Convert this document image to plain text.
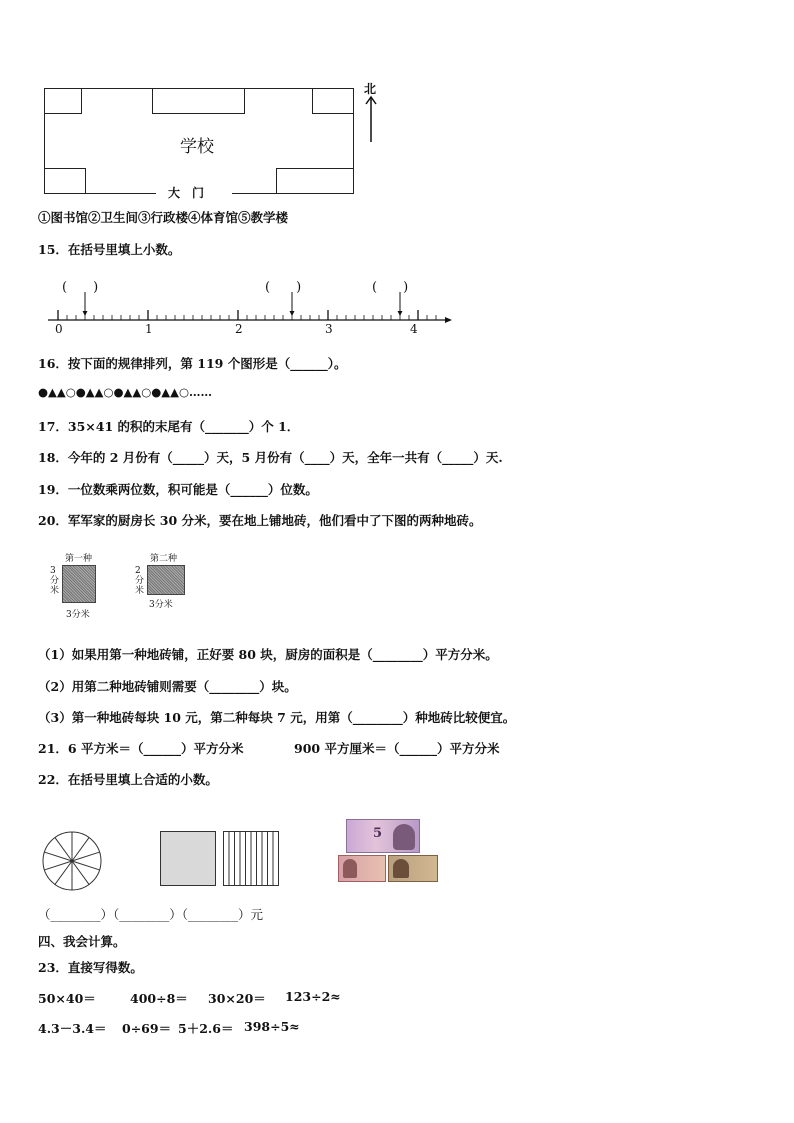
学校
大　门
北
①图书馆②卫生间③行政楼④体育馆⑤教学楼
15．在括号里填上小数。
(　　)	(　　)	(　　)
0	1	2	3	4
16．按下面的规律排列，第 119 个图形是（______）。
●▲▲○●▲▲○●▲▲○●▲▲○……
17．35×41 的积的末尾有（_______）个 1．
18．今年的 2 月份有（_____）天，5 月份有（____）天，全年一共有（_____）天.
19．一位数乘两位数，积可能是（______）位数。
20．军军家的厨房长 30 分米，要在地上铺地砖，他们看中了下图的两种地砖。
第一种
3分米
3分米
第二种
2分米
3分米
（1）如果用第一种地砖铺，正好要 80 块，厨房的面积是（________）平方分米。
（2）用第二种地砖铺则需要（________）块。
（3）第一种地砖每块 10 元，第二种每块 7 元，用第（________）种地砖比较便宜。
21．6 平方米＝（______）平方分米	900 平方厘米＝（______）平方分米
22．在括号里填上合适的小数。
5
（________）（________）（________）元
四、我会计算。
23．直接写得数。
50×40＝	400÷8＝ 30×20＝ 123÷2≈
4.3－3.4＝ 0÷69＝ 5＋2.6＝ 398÷5≈
